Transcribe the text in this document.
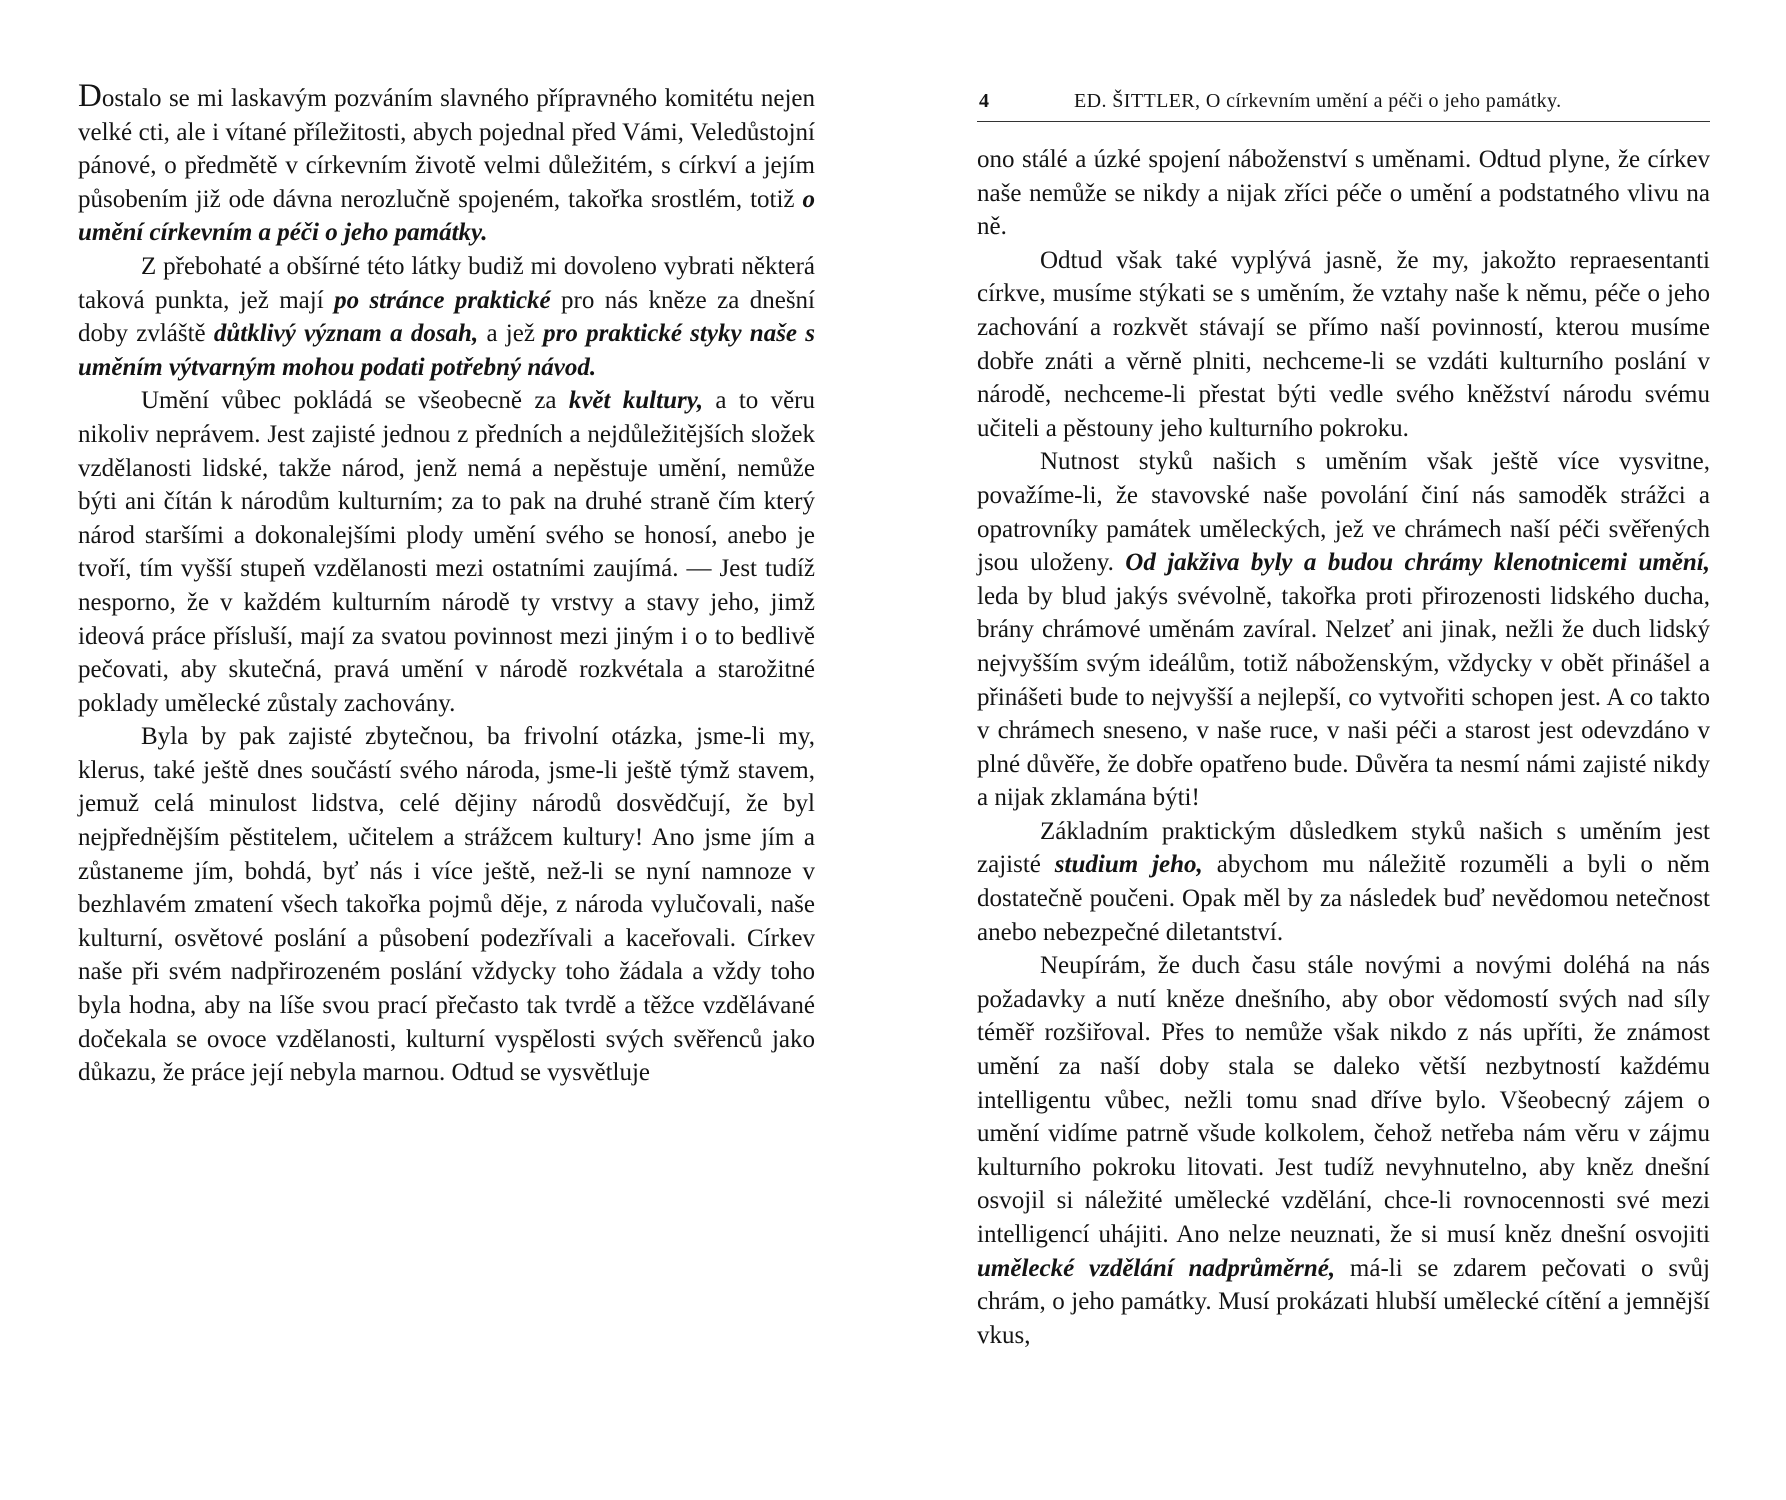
Dostalo se mi laskavým pozváním slavného přípravného komitétu nejen velké cti, ale i vítané příležitosti, abych pojednal před Vámi, Veledůstojní pánové, o předmětě v církevním životě velmi důležitém, s církví a jejím působením již ode dávna nerozlučně spojeném, takořka srostlém, totiž o umění církevním a péči o jeho památky.

Z přebohaté a obšírné této látky budiž mi dovoleno vybrati některá taková punkta, jež mají po stránce praktické pro nás kněze za dnešní doby zvláště důtklivý význam a dosah, a jež pro praktické styky naše s uměním výtvarným mohou podati potřebný návod.

Umění vůbec pokládá se všeobecně za květ kultury, a to věru nikoliv neprávem. Jest zajisté jednou z předních a nejdůležitějších složek vzdělanosti lidské, takže národ, jenž nemá a nepěstuje umění, nemůže býti ani čítán k národům kulturním; za to pak na druhé straně čím který národ staršími a dokonalejšími plody umění svého se honosí, anebo je tvoří, tím vyšší stupeň vzdělanosti mezi ostatními zaujímá. — Jest tudíž nesporno, že v každém kulturním národě ty vrstvy a stavy jeho, jimž ideová práce přísluší, mají za svatou povinnost mezi jiným i o to bedlivě pečovati, aby skutečná, pravá umění v národě rozkvétala a starožitné poklady umělecké zůstaly zachovány.

Byla by pak zajisté zbytečnou, ba frivolní otázka, jsme-li my, klerus, také ještě dnes součástí svého národa, jsme-li ještě týmž stavem, jemuž celá minulost lidstva, celé dějiny národů dosvědčují, že byl nejpřednějším pěstitelem, učitelem a strážcem kultury! Ano jsme jím a zůstaneme jím, bohdá, byť nás i více ještě, než-li se nyní namnoze v bezhlavém zmatení všech takořka pojmů děje, z národa vylučovali, naše kulturní, osvětové poslání a působení podezřívali a kaceřovali. Církev naše při svém nadpřirozeném poslání vždycky toho žádala a vždy toho byla hodna, aby na líše svou prací přečasto tak tvrdě a těžce vzdělávané dočekala se ovoce vzdělanosti, kulturní vyspělosti svých svěřenců jako důkazu, že práce její nebyla marnou. Odtud se vysvětluje

4	ED. ŠITTLER, O církevním umění a péči o jeho památky.

ono stálé a úzké spojení náboženství s uměnami. Odtud plyne, že církev naše nemůže se nikdy a nijak zříci péče o umění a podstatného vlivu na ně.

Odtud však také vyplývá jasně, že my, jakožto repraesentanti církve, musíme stýkati se s uměním, že vztahy naše k němu, péče o jeho zachování a rozkvět stávají se přímo naší povinností, kterou musíme dobře znáti a věrně plniti, nechceme-li se vzdáti kulturního poslání v národě, nechceme-li přestat býti vedle svého kněžství národu svému učiteli a pěstouny jeho kulturního pokroku.

Nutnost styků našich s uměním však ještě více vysvitne, považíme-li, že stavovské naše povolání činí nás samoděk strážci a opatrovníky památek uměleckých, jež ve chrámech naší péči svěřených jsou uloženy. Od jakživa byly a budou chrámy klenotnicemi umění, leda by blud jakýs svévolně, takořka proti přirozenosti lidského ducha, brány chrámové uměnám zavíral. Nelzeť ani jinak, nežli že duch lidský nejvyšším svým ideálům, totiž náboženským, vždycky v obět přinášel a přinášeti bude to nejvyšší a nejlepší, co vytvořiti schopen jest. A co takto v chrámech sneseno, v naše ruce, v naši péči a starost jest odevzdáno v plné důvěře, že dobře opatřeno bude. Důvěra ta nesmí námi zajisté nikdy a nijak zklamána býti!

Základním praktickým důsledkem styků našich s uměním jest zajisté studium jeho, abychom mu náležitě rozuměli a byli o něm dostatečně poučeni. Opak měl by za následek buď nevědomou netečnost anebo nebezpečné diletantství.

Neupírám, že duch času stále novými a novými doléhá na nás požadavky a nutí kněze dnešního, aby obor vědomostí svých nad síly téměř rozšiřoval. Přes to nemůže však nikdo z nás upříti, že známost umění za naší doby stala se daleko větší nezbytností každému intelligentu vůbec, nežli tomu snad dříve bylo. Všeobecný zájem o umění vidíme patrně všude kolkolem, čehož netřeba nám věru v zájmu kulturního pokroku litovati. Jest tudíž nevyhnutelno, aby kněz dnešní osvojil si náležité umělecké vzdělání, chce-li rovnocennosti své mezi intelligencí uhájiti. Ano nelze neuznati, že si musí kněz dnešní osvojiti umělecké vzdělání nadprůměrné, má-li se zdarem pečovati o svůj chrám, o jeho památky. Musí prokázati hlubší umělecké cítění a jemnější vkus,
